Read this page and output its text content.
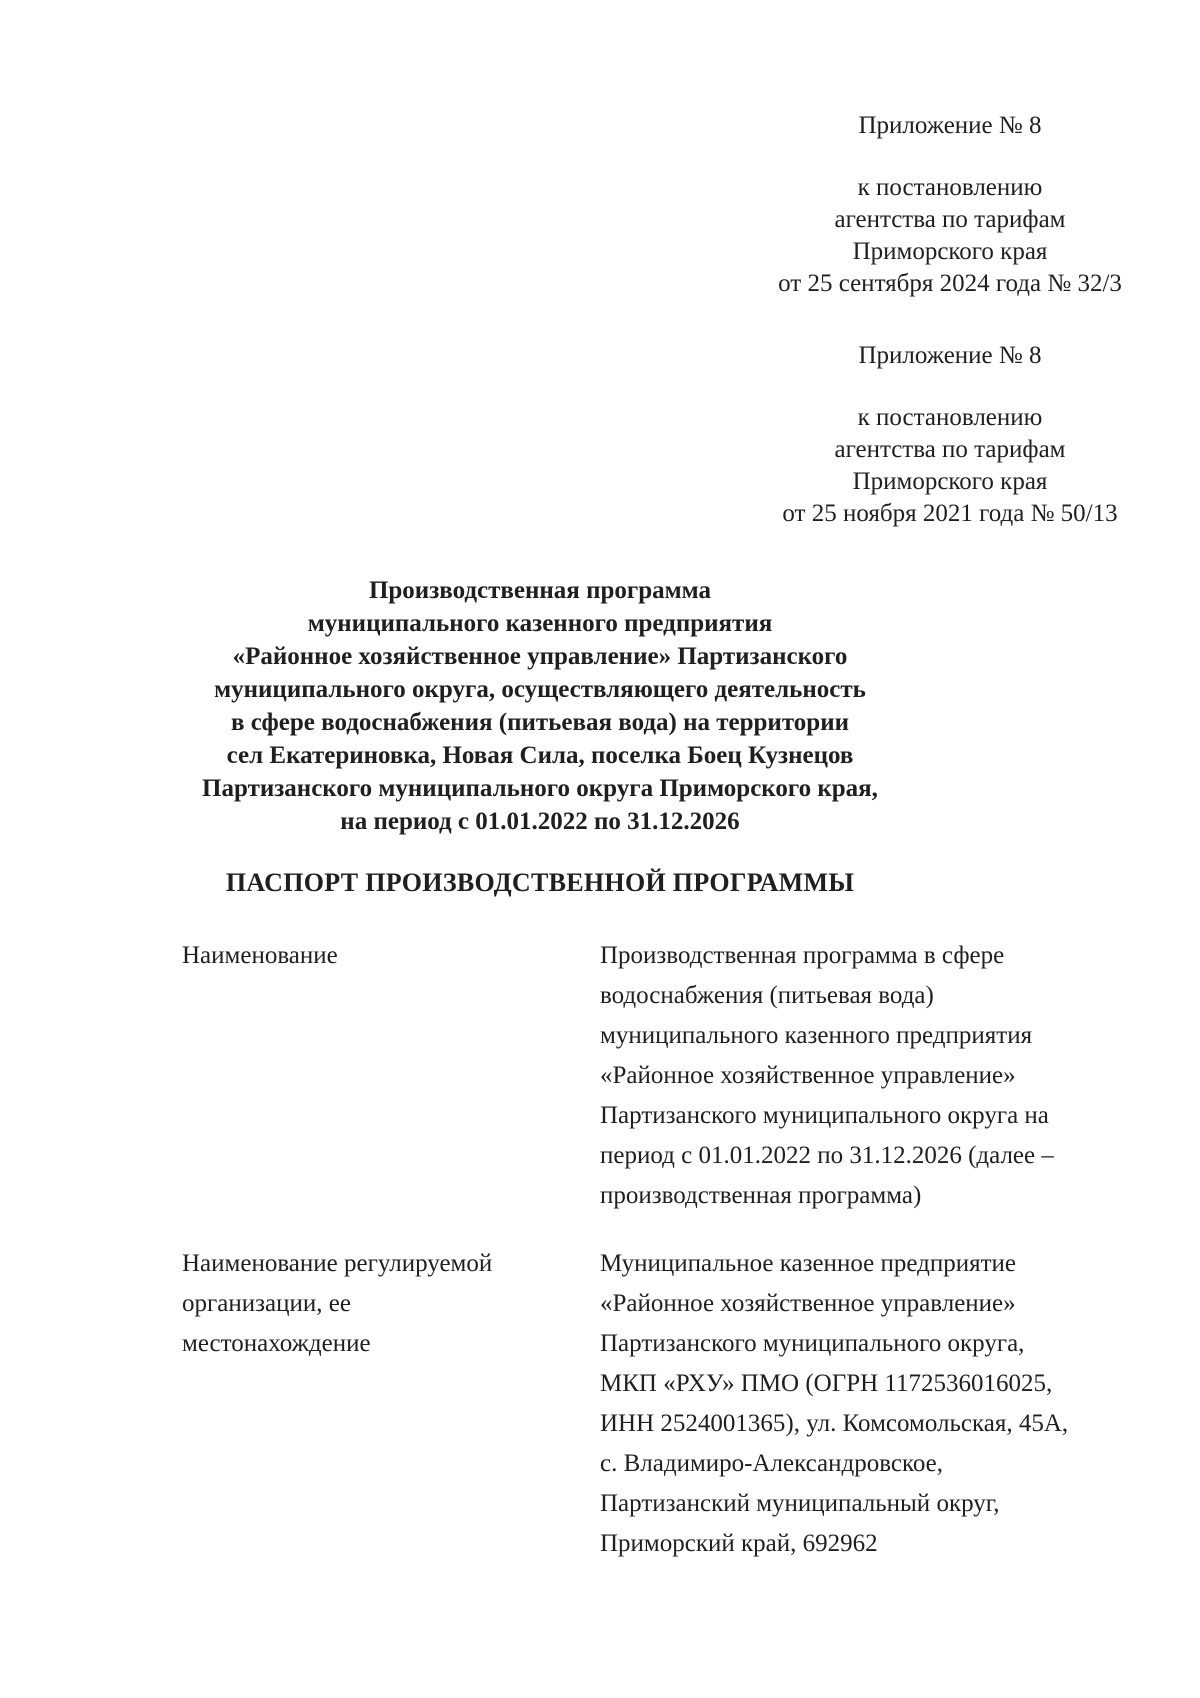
Приложение № 8
к постановлению
агентства по тарифам
Приморского края
от 25 сентября 2024 года № 32/3
Приложение № 8
к постановлению
агентства по тарифам
Приморского края
от 25 ноября 2021 года № 50/13
Производственная программа
муниципального казенного предприятия
«Районное хозяйственное управление» Партизанского
муниципального округа, осуществляющего деятельность
в сфере водоснабжения (питьевая вода) на территории
сел Екатериновка, Новая Сила, поселка Боец Кузнецов
Партизанского муниципального округа Приморского края,
на период с 01.01.2022 по 31.12.2026
ПАСПОРТ ПРОИЗВОДСТВЕННОЙ ПРОГРАММЫ
Наименование	Производственная программа в сфере
водоснабжения (питьевая вода)
муниципального казенного предприятия
«Районное хозяйственное управление»
Партизанского муниципального округа на
период с 01.01.2022 по 31.12.2026 (далее –
производственная программа)
Наименование регулируемой
организации, ее
местонахождение
Муниципальное казенное предприятие
«Районное хозяйственное управление»
Партизанского муниципального округа,
МКП «РХУ» ПМО (ОГРН 1172536016025,
ИНН 2524001365), ул. Комсомольская, 45А,
с. Владимиро-Александровское,
Партизанский муниципальный округ,
Приморский край, 692962
